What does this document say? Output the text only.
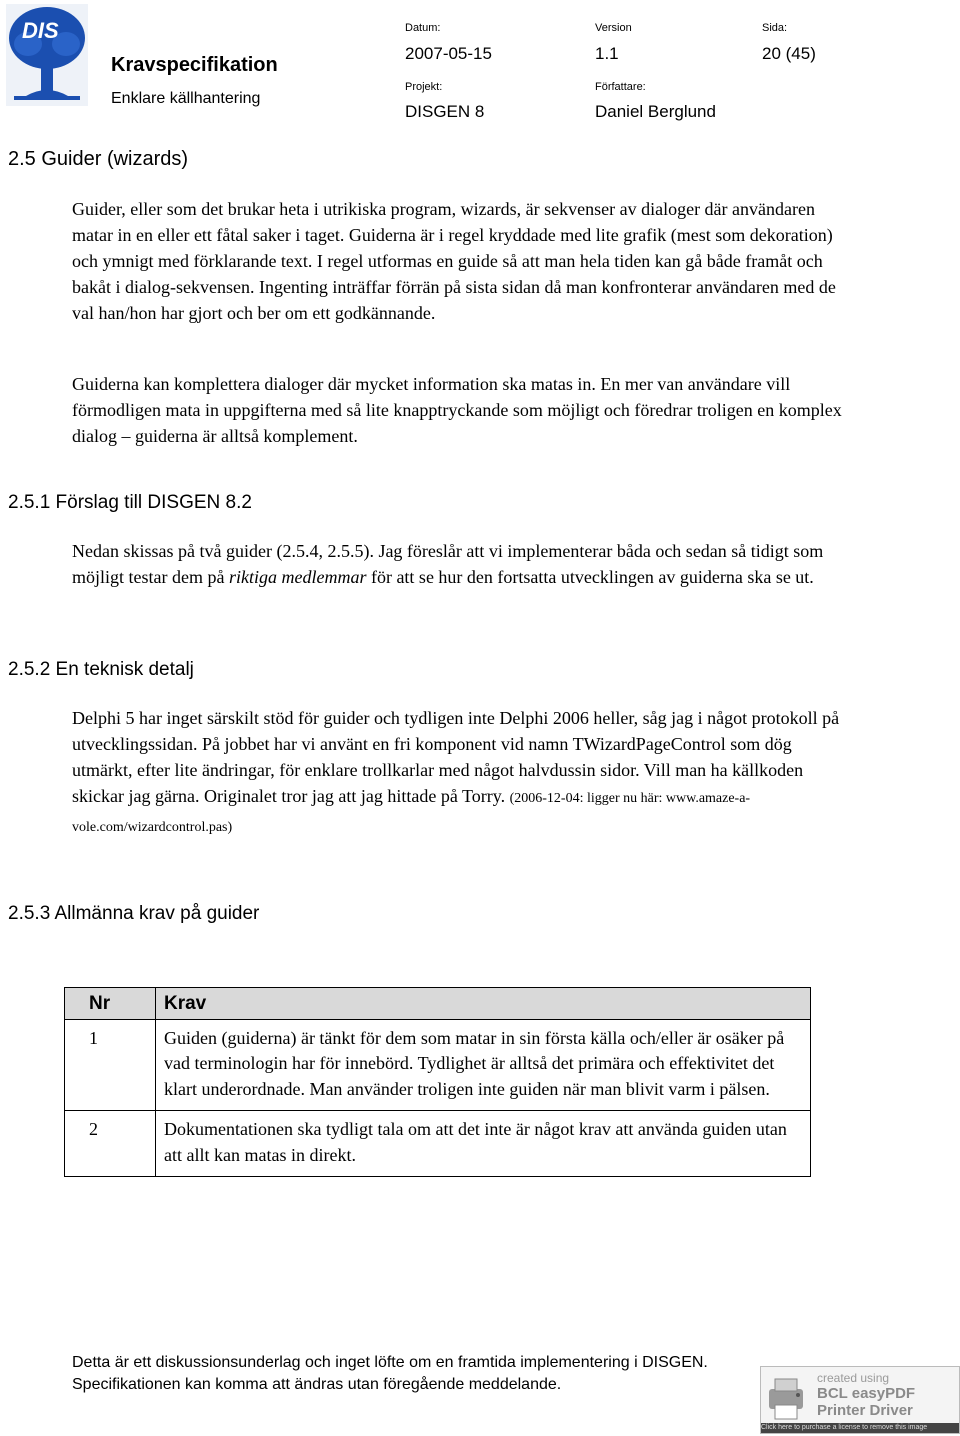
DIS
Kravspecifikation
Enklare källhantering
Datum:
2007-05-15
Version
1.1
Sida:
20 (45)
Projekt:
DISGEN 8
Författare:
Daniel Berglund
2.5 Guider (wizards)

Guider, eller som det brukar heta i utrikiska program, wizards, är sekvenser av dialoger där användaren matar in en eller ett fåtal saker i taget. Guiderna är i regel kryddade med lite grafik (mest som dekoration) och ymnigt med förklarande text. I regel utformas en guide så att man hela tiden kan gå både framåt och bakåt i dialog-sekvensen. Ingenting inträffar förrän på sista sidan då man konfronterar användaren med de val han/hon har gjort och ber om ett godkännande.

Guiderna kan komplettera dialoger där mycket information ska matas in. En mer van användare vill förmodligen mata in uppgifterna med så lite knapptryckande som möjligt och föredrar troligen en komplex dialog – guiderna är alltså komplement.

2.5.1 Förslag till DISGEN 8.2

Nedan skissas på två guider (2.5.4, 2.5.5). Jag föreslår att vi implementerar båda och sedan så tidigt som möjligt testar dem på riktiga medlemmar för att se hur den fortsatta utvecklingen av guiderna ska se ut.

2.5.2 En teknisk detalj

Delphi 5 har inget särskilt stöd för guider och tydligen inte Delphi 2006 heller, såg jag i något protokoll på utvecklingssidan. På jobbet har vi använt en fri komponent vid namn TWizardPageControl som dög utmärkt, efter lite ändringar, för enklare trollkarlar med något halvdussin sidor. Vill man ha källkoden skickar jag gärna. Originalet tror jag att jag hittade på Torry. (2006-12-04: ligger nu här: www.amaze-a-vole.com/wizardcontrol.pas)

2.5.3 Allmänna krav på guider
Nr	Krav
1	Guiden (guiderna) är tänkt för dem som matar in sin första källa och/eller är osäker på vad terminologin har för innebörd. Tydlighet är alltså det primära och effektivitet det klart underordnade. Man använder troligen inte guiden när man blivit varm i pälsen.
2	Dokumentationen ska tydligt tala om att det inte är något krav att använda guiden utan att allt kan matas in direkt.
Detta är ett diskussionsunderlag och inget löfte om en framtida implementering i DISGEN.
Specifikationen kan komma att ändras utan föregående meddelande.	created using
BCL easyPDF
Printer Driver
Click here to purchase a license to remove this image
